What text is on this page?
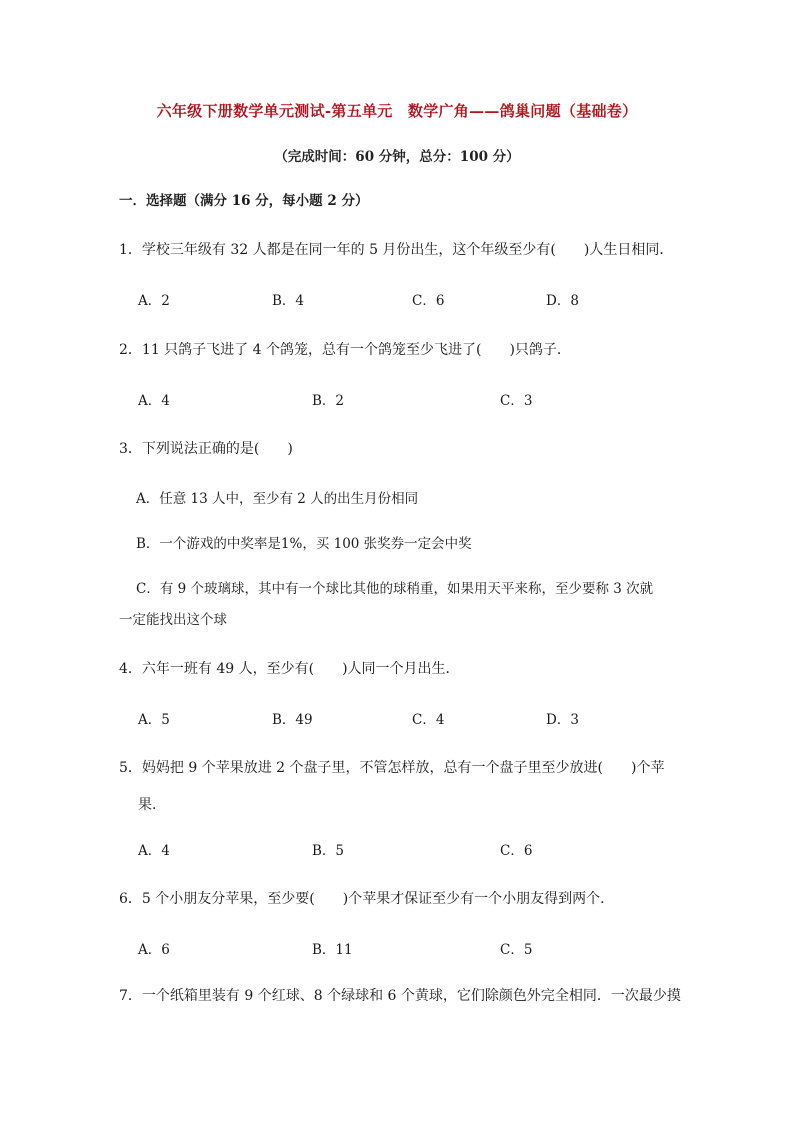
六年级下册数学单元测试-第五单元　数学广角——鸽巢问题（基础卷）
（完成时间：60 分钟，总分：100 分）
一．选择题（满分 16 分，每小题 2 分）
1．学校三年级有 32 人都是在同一年的 5 月份出生，这个年级至少有(　　)人生日相同．
A．2	B．4	C．6	D．8
2．11 只鸽子飞进了 4 个鸽笼，总有一个鸽笼至少飞进了(　　)只鸽子．
A．4	B．2	C．3
3．下列说法正确的是(　　)
A．任意 13 人中，至少有 2 人的出生月份相同
B．一个游戏的中奖率是1%，买 100 张奖券一定会中奖
C．有 9 个玻璃球，其中有一个球比其他的球稍重，如果用天平来称，至少要称 3 次就
一定能找出这个球
4．六年一班有 49 人，至少有(　　)人同一个月出生．
A．5	B．49	C．4	D．3
5．妈妈把 9 个苹果放进 2 个盘子里，不管怎样放，总有一个盘子里至少放进(　　)个苹
果．
A．4	B．5	C．6
6．5 个小朋友分苹果，至少要(　　)个苹果才保证至少有一个小朋友得到两个．
A．6	B．11	C．5
7．一个纸箱里装有 9 个红球、8 个绿球和 6 个黄球，它们除颜色外完全相同．一次最少摸
